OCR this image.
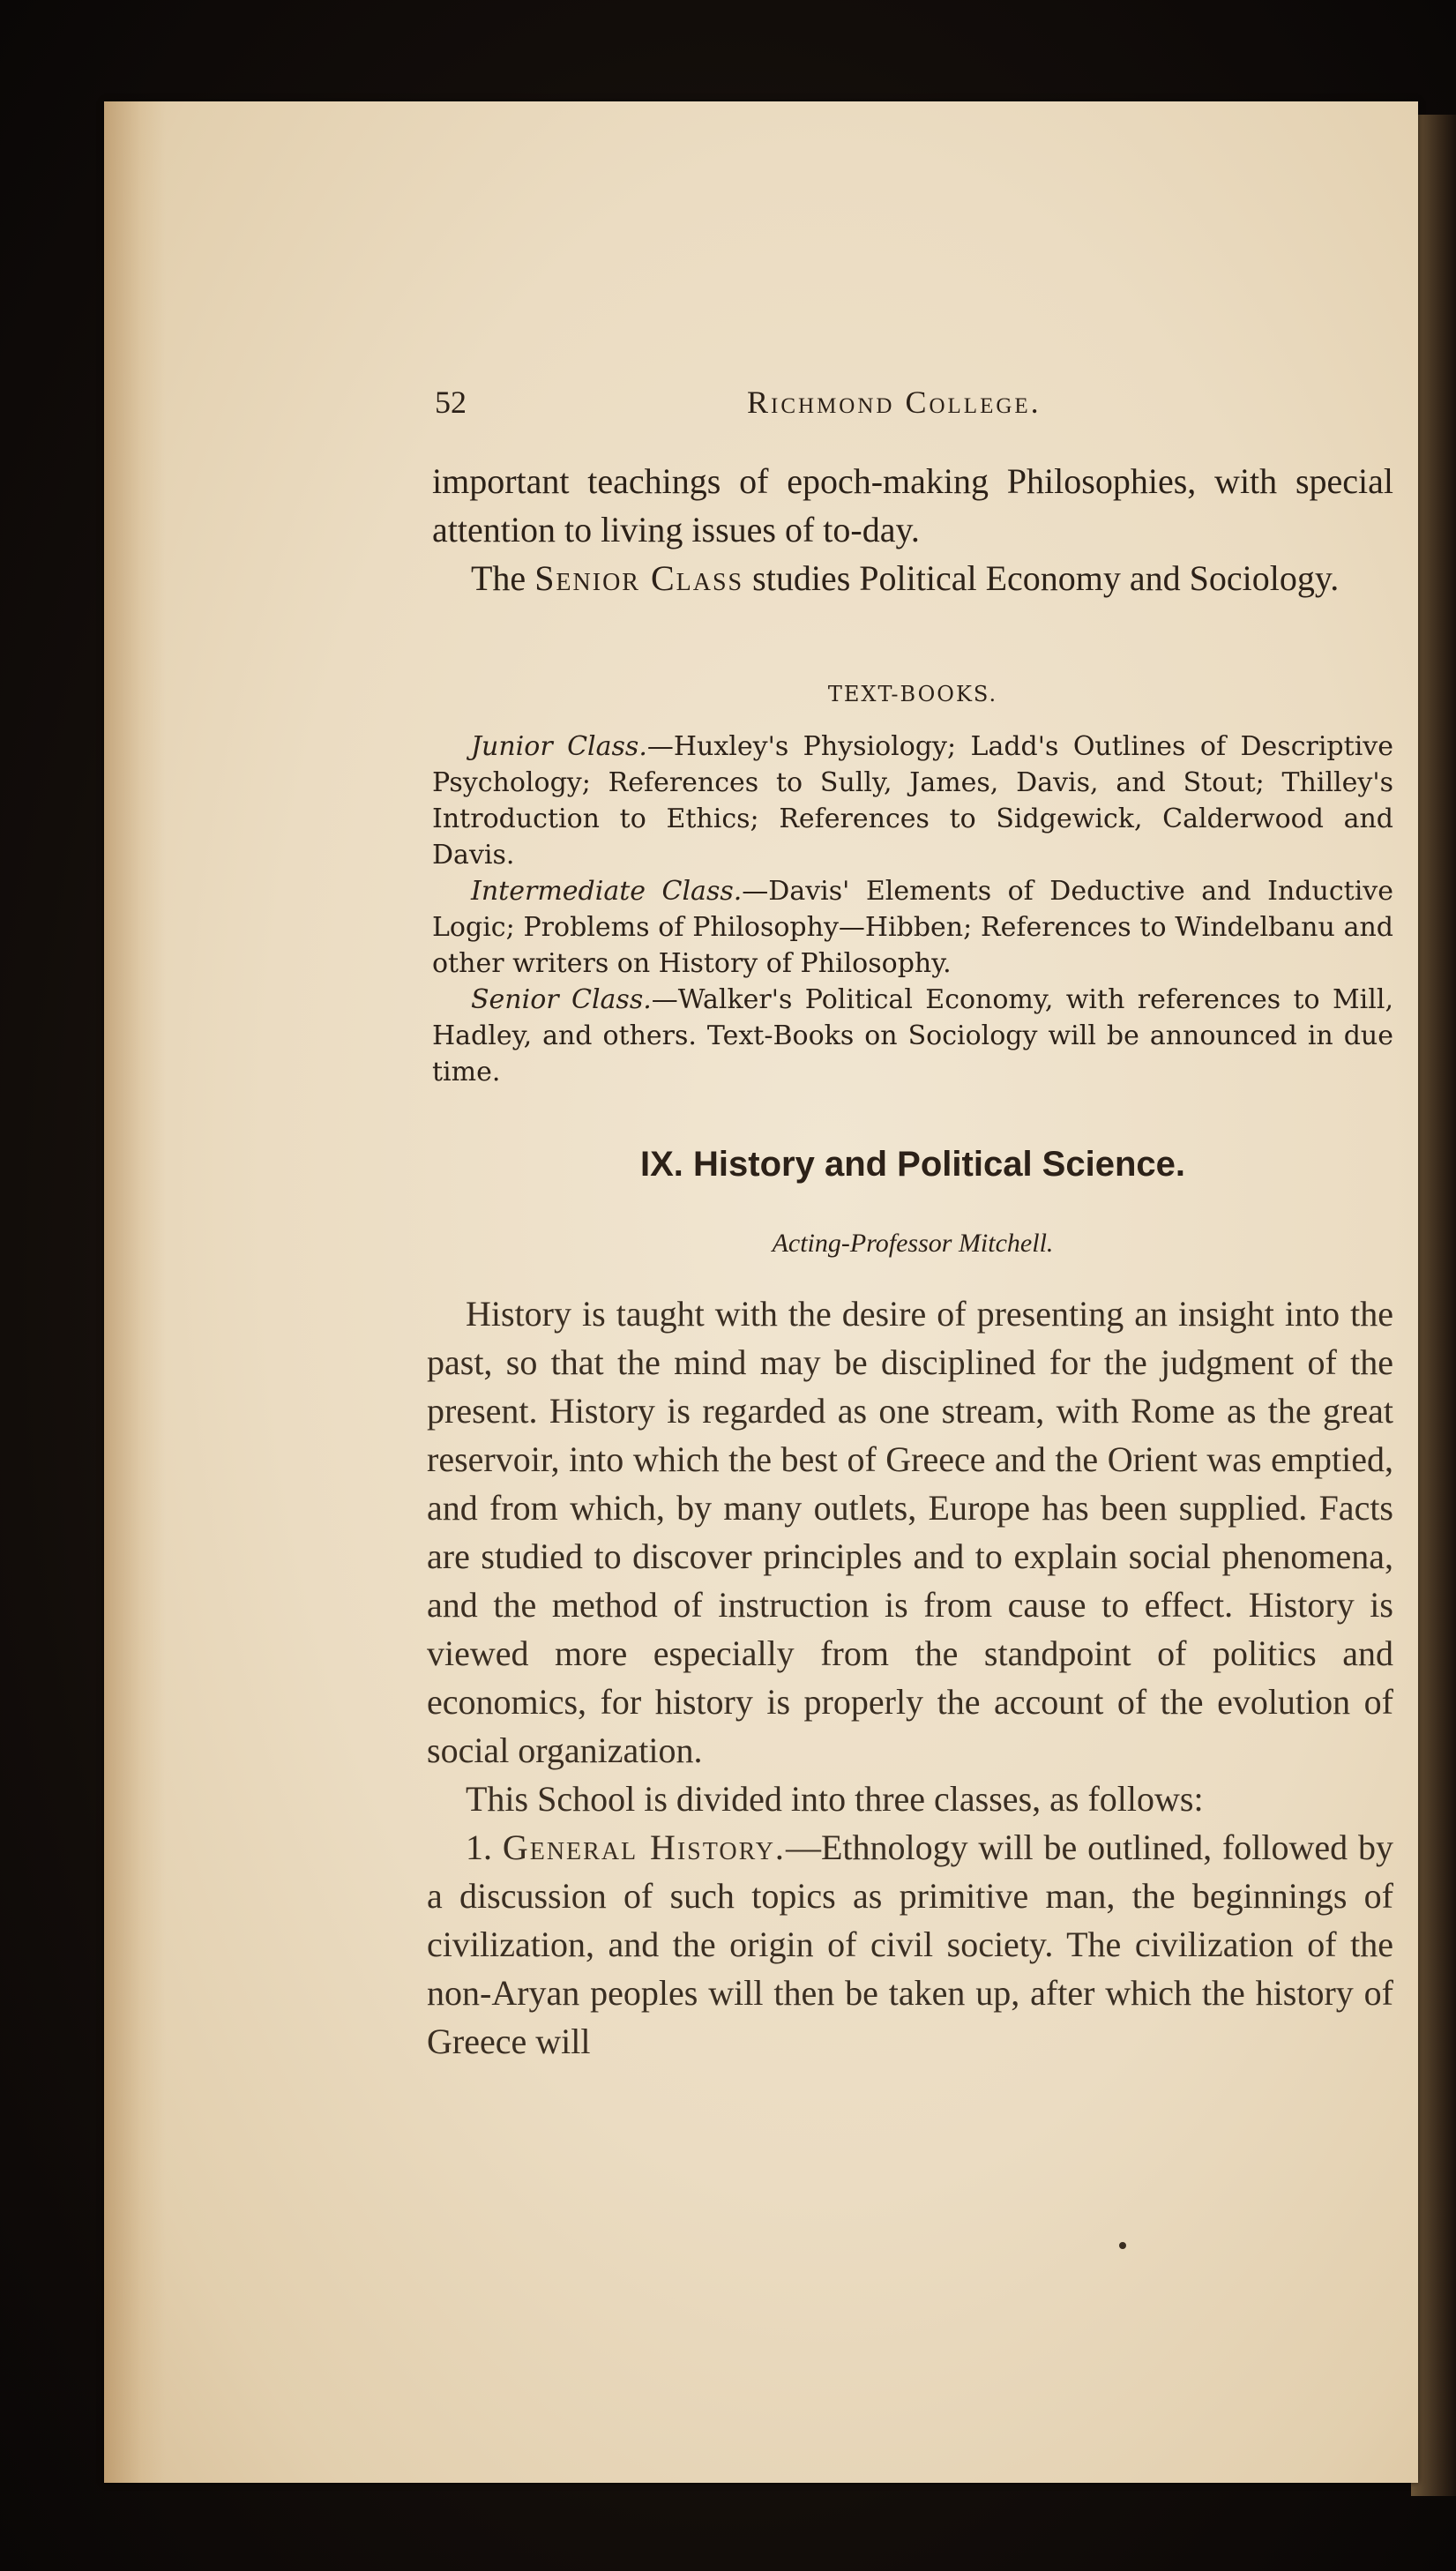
52	Richmond College.

important teachings of epoch-making Philosophies, with special attention to living issues of to-day.

The Senior Class studies Political Economy and Sociology.

TEXT-BOOKS.

Junior Class.—Huxley's Physiology; Ladd's Outlines of Descriptive Psychology; References to Sully, James, Davis, and Stout; Thilley's Introduction to Ethics; References to Sidgewick, Calderwood and Davis.

Intermediate Class.—Davis' Elements of Deductive and Inductive Logic; Problems of Philosophy—Hibben; References to Windelbanu and other writers on History of Philosophy.

Senior Class.—Walker's Political Economy, with references to Mill, Hadley, and others. Text-Books on Sociology will be announced in due time.

IX. History and Political Science.
Acting-Professor Mitchell.

History is taught with the desire of presenting an insight into the past, so that the mind may be disciplined for the judgment of the present. History is regarded as one stream, with Rome as the great reservoir, into which the best of Greece and the Orient was emptied, and from which, by many outlets, Europe has been supplied. Facts are studied to discover principles and to explain social phenomena, and the method of instruction is from cause to effect. History is viewed more especially from the standpoint of politics and economics, for history is properly the account of the evolution of social organization.

This School is divided into three classes, as follows:

1. General History.—Ethnology will be outlined, followed by a discussion of such topics as primitive man, the beginnings of civilization, and the origin of civil society. The civilization of the non-Aryan peoples will then be taken up, after which the history of Greece will
